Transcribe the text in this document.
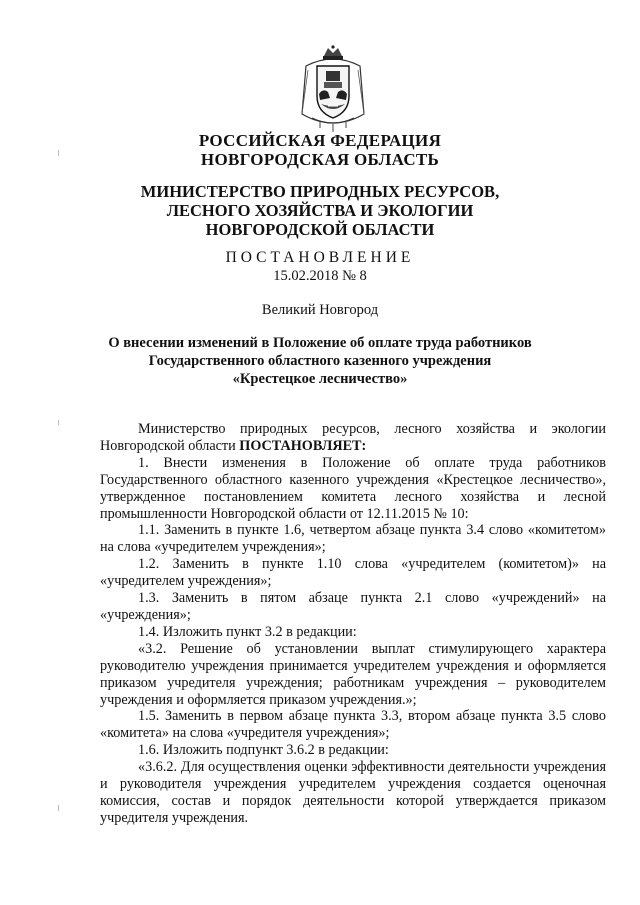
РОССИЙСКАЯ ФЕДЕРАЦИЯ
НОВГОРОДСКАЯ ОБЛАСТЬ
МИНИСТЕРСТВО ПРИРОДНЫХ РЕСУРСОВ,
ЛЕСНОГО ХОЗЯЙСТВА И ЭКОЛОГИИ
НОВГОРОДСКОЙ ОБЛАСТИ
ПОСТАНОВЛЕНИЕ
15.02.2018 № 8
Великий Новгород
О внесении изменений в Положение об оплате труда работников
Государственного областного казенного учреждения
«Крестецкое лесничество»

Министерство природных ресурсов, лесного хозяйства и экологии Новгородской области ПОСТАНОВЛЯЕТ:

1. Внести изменения в Положение об оплате труда работников Государственного областного казенного учреждения «Крестецкое лесничество», утвержденное постановлением комитета лесного хозяйства и лесной промышленности Новгородской области от 12.11.2015 № 10:

1.1. Заменить в пункте 1.6, четвертом абзаце пункта 3.4 слово «комитетом» на слова «учредителем учреждения»;

1.2. Заменить в пункте 1.10 слова «учредителем (комитетом)» на «учредителем учреждения»;

1.3. Заменить в пятом абзаце пункта 2.1 слово «учреждений» на «учреждения»;

1.4. Изложить пункт 3.2 в редакции:

«3.2. Решение об установлении выплат стимулирующего характера руководителю учреждения принимается учредителем учреждения и оформляется приказом учредителя учреждения; работникам учреждения – руководителем учреждения и оформляется приказом учреждения.»;

1.5. Заменить в первом абзаце пункта 3.3, втором абзаце пункта 3.5 слово «комитета» на слова «учредителя учреждения»;

1.6. Изложить подпункт 3.6.2 в редакции:

«3.6.2. Для осуществления оценки эффективности деятельности учреждения и руководителя учреждения учредителем учреждения создается оценочная комиссия, состав и порядок деятельности которой утверждается приказом учредителя учреждения.
